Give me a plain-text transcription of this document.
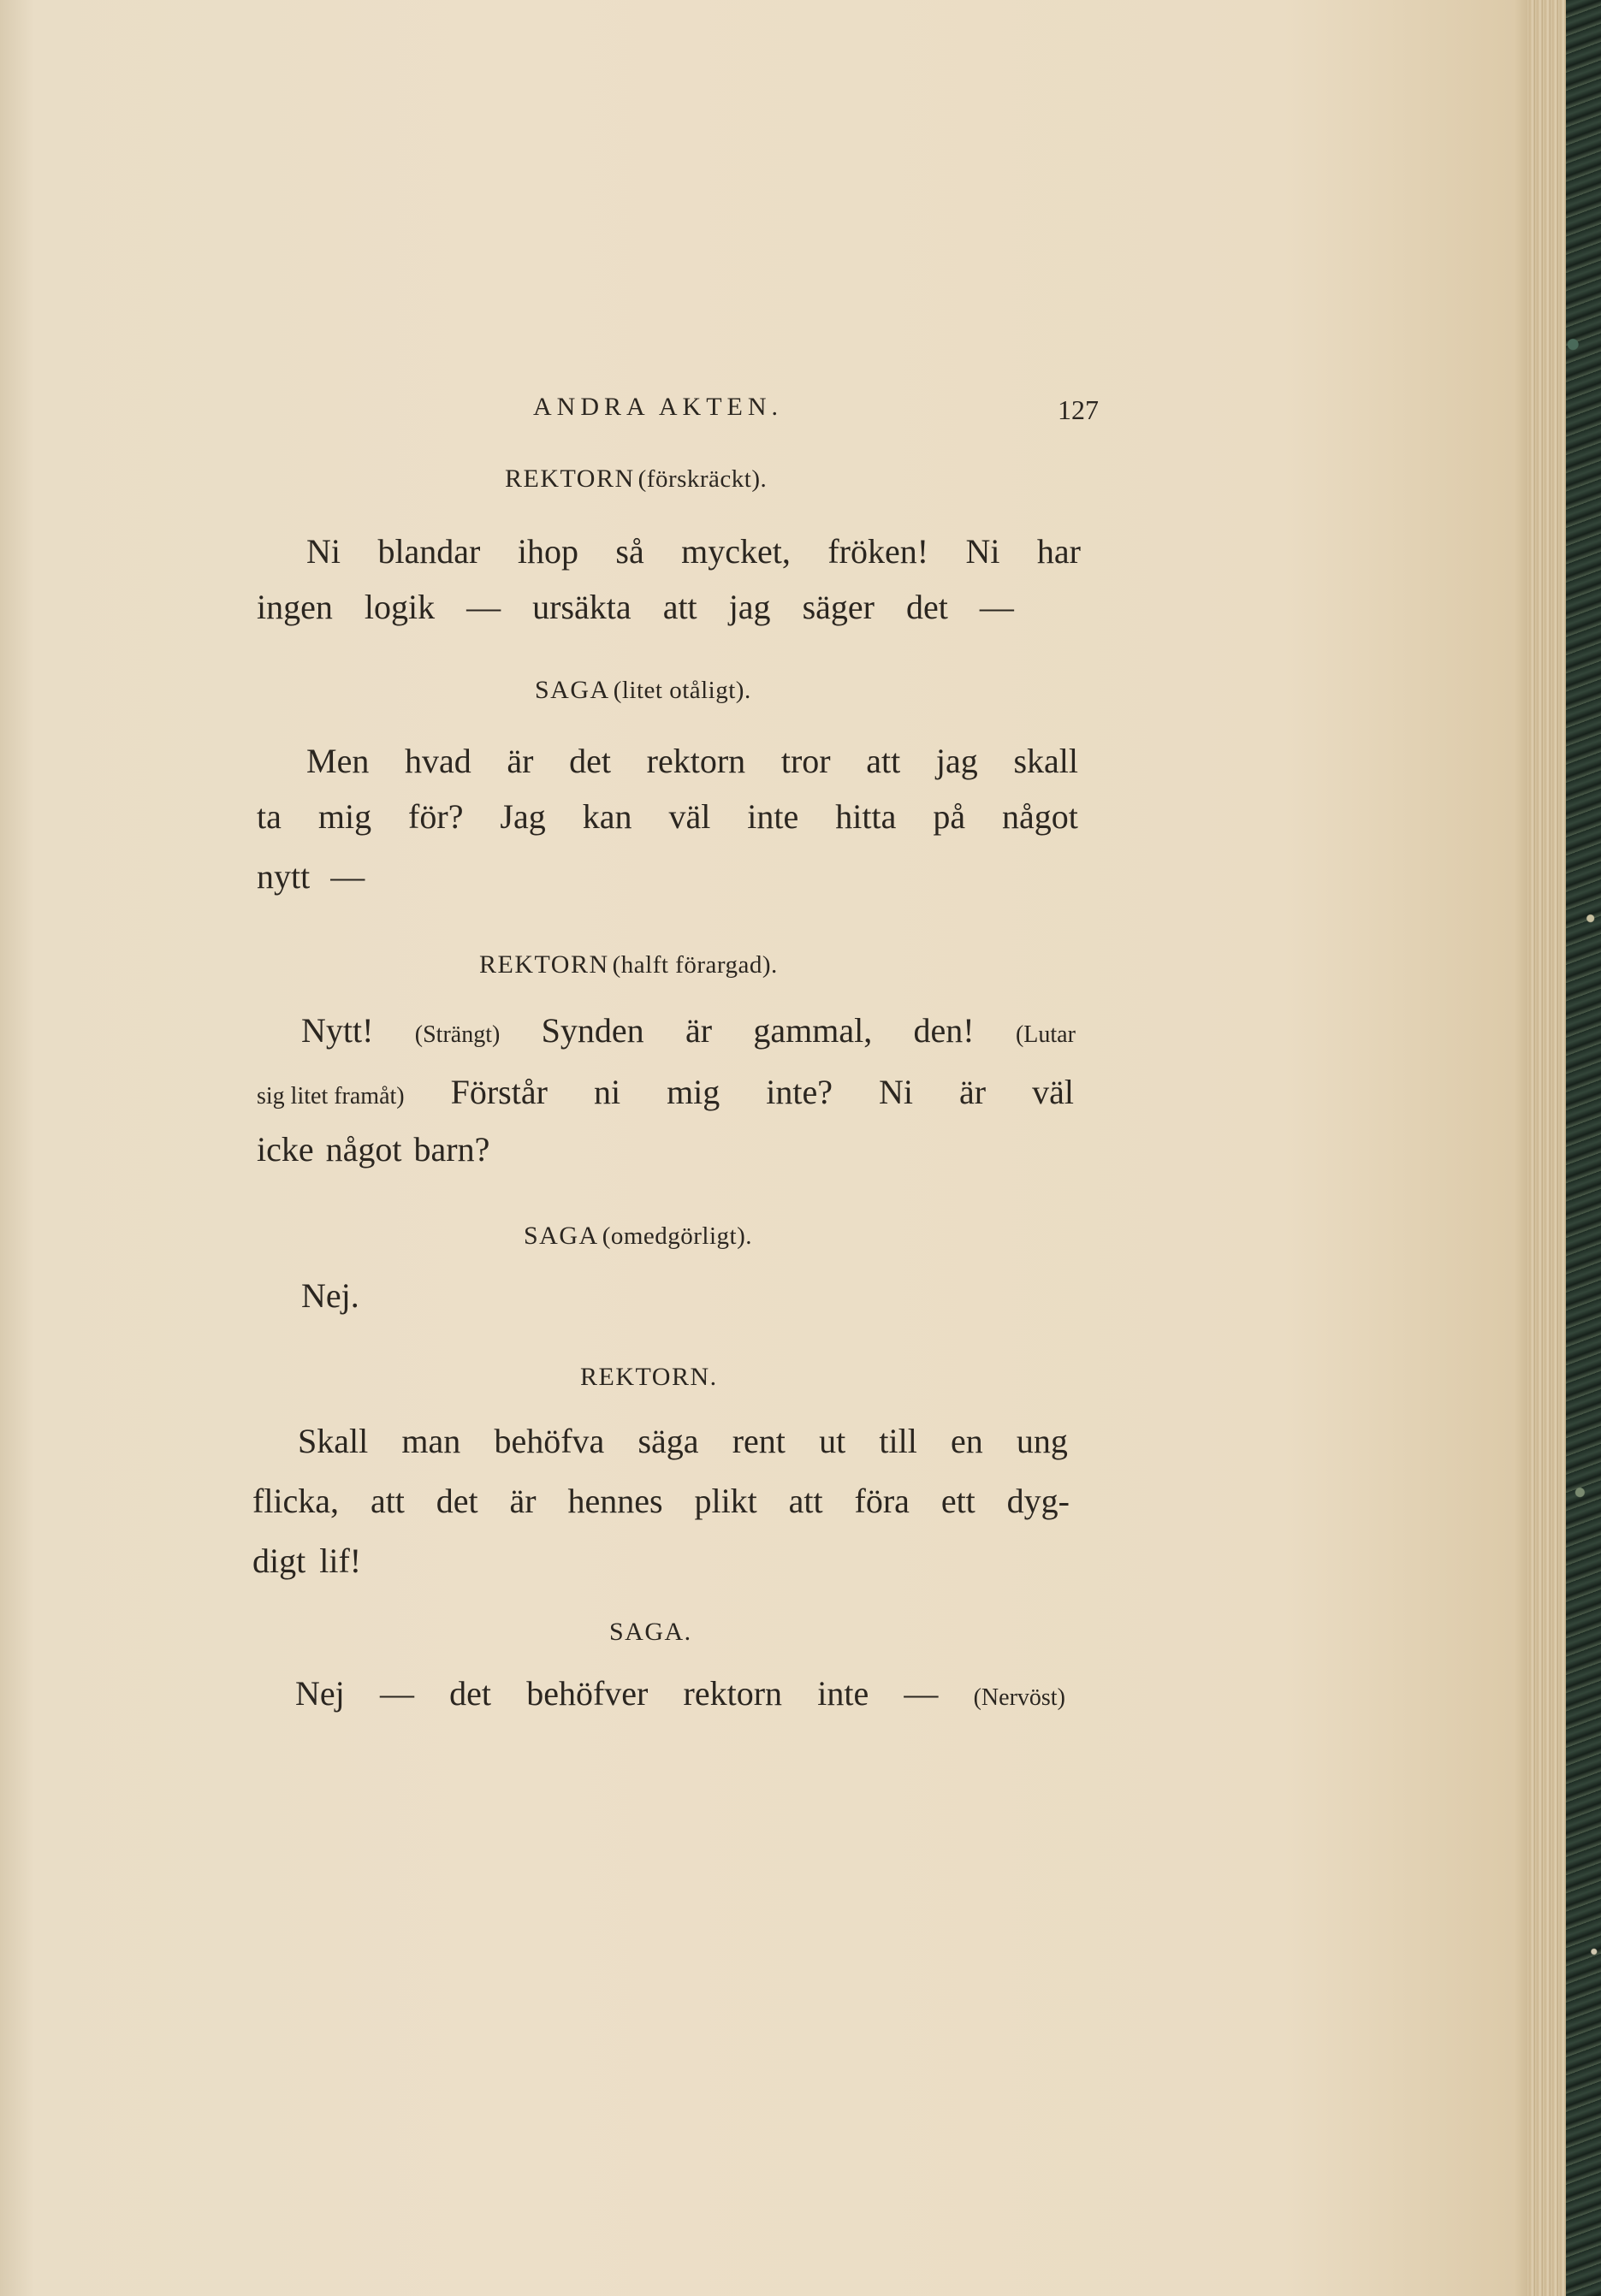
ANDRA AKTEN.	127
REKTORN (förskräckt).
Ni blandar ihop så mycket, fröken! Ni har
ingen logik — ursäkta att jag säger det —
SAGA (litet otåligt).
Men hvad är det rektorn tror att jag skall
ta mig för? Jag kan väl inte hitta på något
nytt —
REKTORN (halft förargad).
Nytt! (Strängt) Synden är gammal, den! (Lutar
sig litet framåt) Förstår ni mig inte? Ni är väl
icke något barn?
SAGA (omedgörligt).
Nej.
REKTORN.
Skall man behöfva säga rent ut till en ung
flicka, att det är hennes plikt att föra ett dyg-
digt lif!
SAGA.
Nej — det behöfver rektorn inte — (Nervöst)
